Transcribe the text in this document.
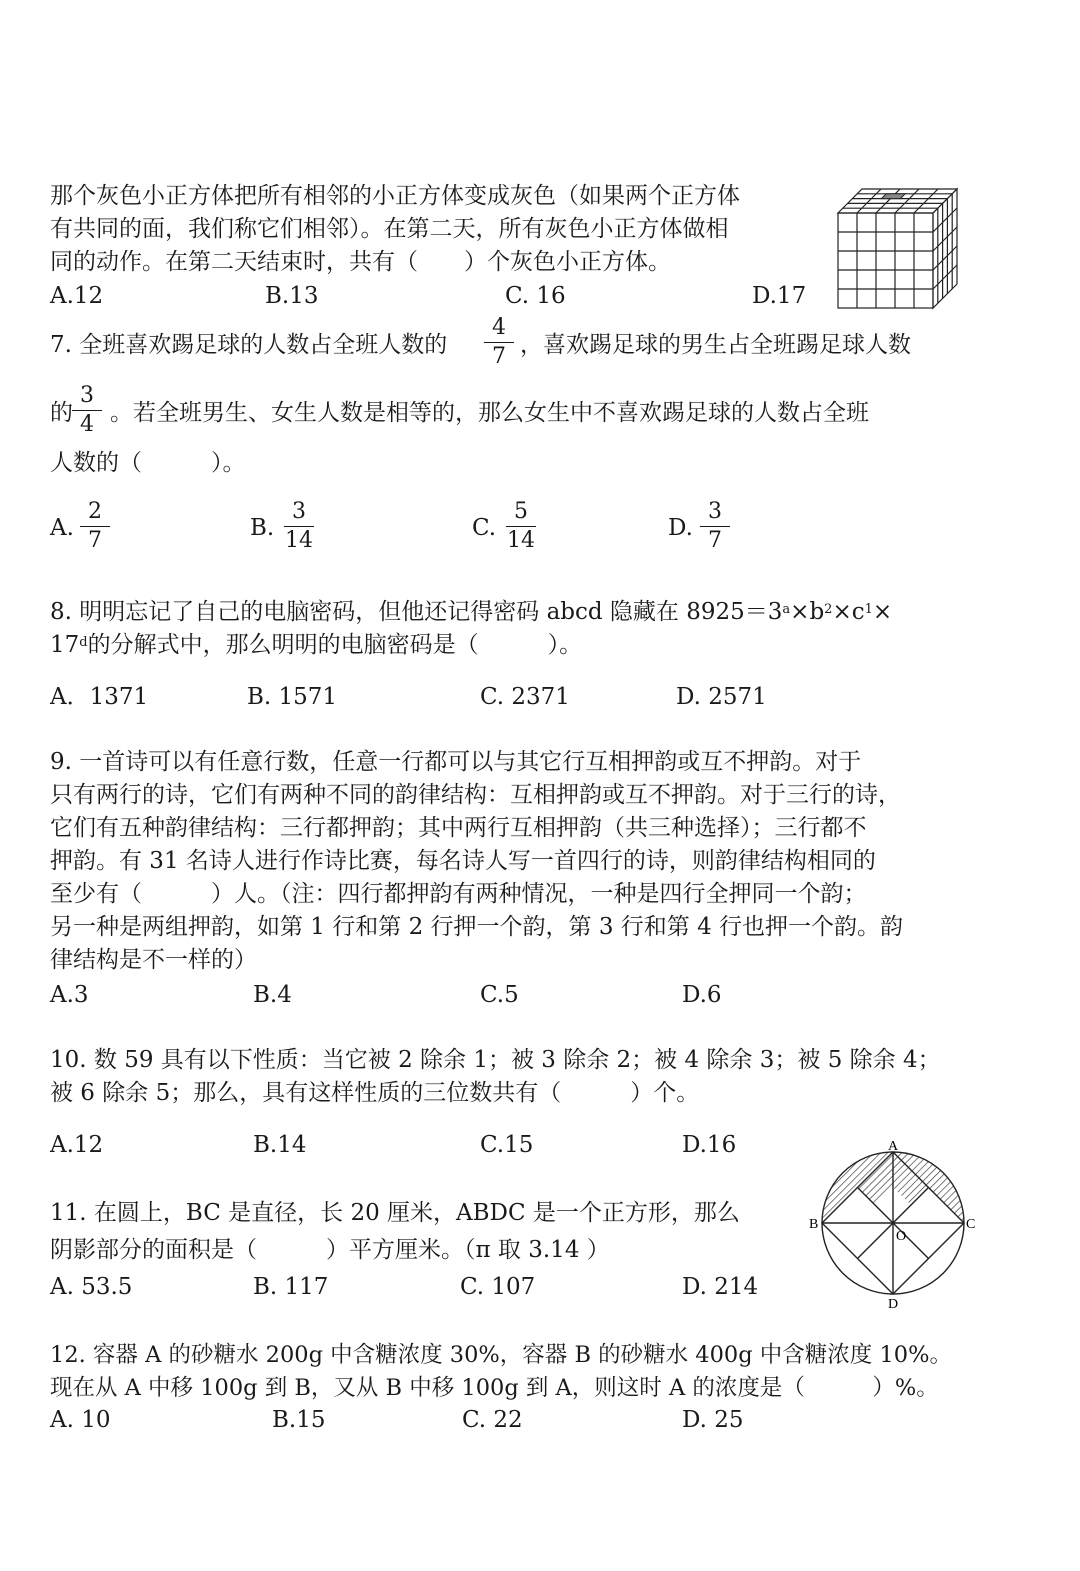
那个灰色小正方体把所有相邻的小正方体变成灰色（如果两个正方体
有共同的面，我们称它们相邻）。在第二天，所有灰色小正方体做相
同的动作。在第二天结束时，共有（　　）个灰色小正方体。
A.12	B.13	C. 16	D.17
7. 全班喜欢踢足球的人数占全班人数的
4
7 ，喜欢踢足球的男生占全班踢足球人数
的
3
4 。若全班男生、女生人数是相等的，那么女生中不喜欢踢足球的人数占全班
人数的（　　　）。
A.
2
7	B.
3
14	C.
5
14	D.
3
7
8. 明明忘记了自己的电脑密码，但他还记得密码 abcd 隐藏在 $8925=3^a\times b^2\times c^1\times$
$17^d$的分解式中，那么明明的电脑密码是（　　　）。
A．1371	B. 1571	C. 2371	D. 2571
9. 一首诗可以有任意行数，任意一行都可以与其它行互相押韵或互不押韵。对于
只有两行的诗，它们有两种不同的韵律结构：互相押韵或互不押韵。对于三行的诗，
它们有五种韵律结构：三行都押韵；其中两行互相押韵（共三种选择）；三行都不
押韵。有 31 名诗人进行作诗比赛，每名诗人写一首四行的诗，则韵律结构相同的
至少有（　　　）人。（注：四行都押韵有两种情况，一种是四行全押同一个韵；
另一种是两组押韵，如第 1 行和第 2 行押一个韵，第 3 行和第 4 行也押一个韵。韵
律结构是不一样的）
A.3	B.4	C.5	D.6
10. 数 59 具有以下性质：当它被 2 除余 1；被 3 除余 2；被 4 除余 3；被 5 除余 4；
被 6 除余 5；那么，具有这样性质的三位数共有（　　　）个。
A.12	B.14	C.15	D.16
11. 在圆上，BC 是直径，长 20 厘米，ABDC 是一个正方形，那么
阴影部分的面积是（　　　）平方厘米。（π 取 3.14 ）
A. 53.5	B. 117	C. 107	D. 214
A
B	C
D
O
12. 容器 A 的砂糖水 200g 中含糖浓度 30%，容器 B 的砂糖水 400g 中含糖浓度 10%。
现在从 A 中移 100g 到 B，又从 B 中移 100g 到 A，则这时 A 的浓度是（　　　）%。
A. 10	B.15	C. 22	D. 25
